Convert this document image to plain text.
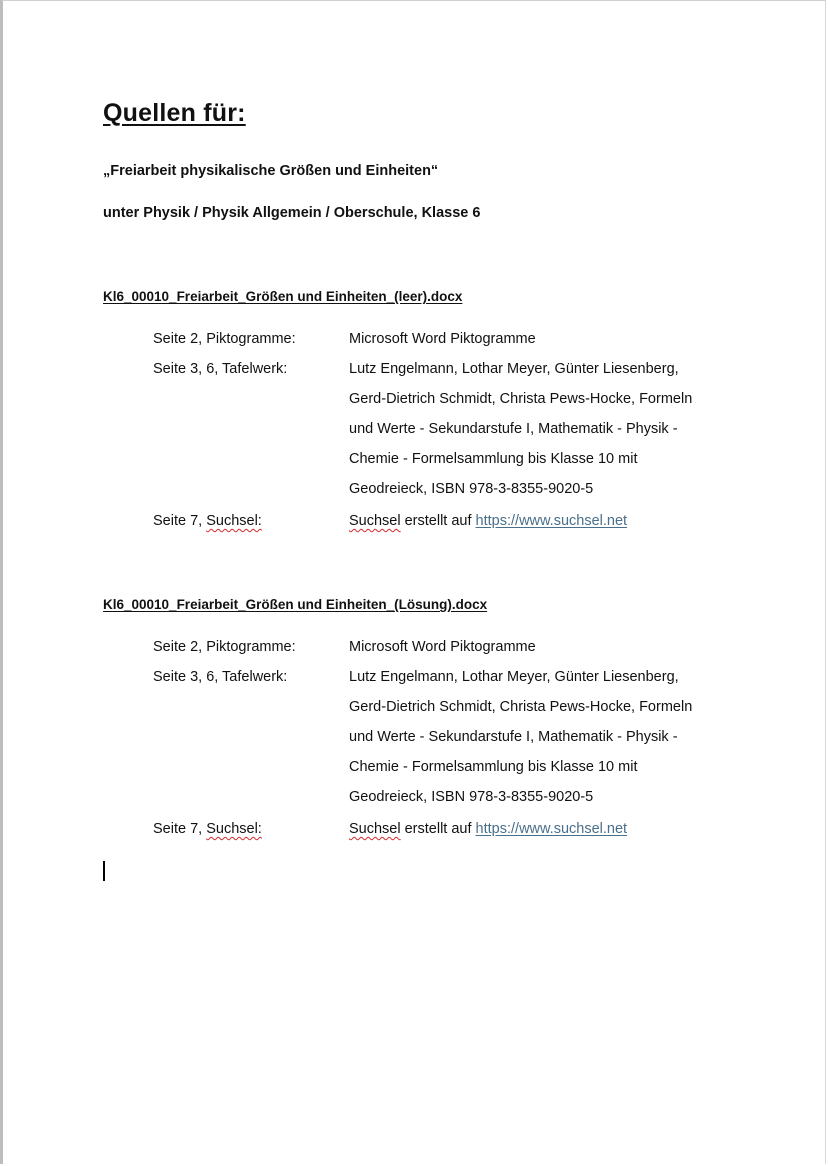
Quellen für:
„Freiarbeit physikalische Größen und Einheiten“
unter Physik / Physik Allgemein / Oberschule, Klasse 6
Kl6_00010_Freiarbeit_Größen und Einheiten_(leer).docx
Seite 2, Piktogramme:	Microsoft Word Piktogramme
Seite 3, 6, Tafelwerk:	Lutz Engelmann, Lothar Meyer, Günter Liesenberg,
Gerd-Dietrich Schmidt, Christa Pews-Hocke, Formeln
und Werte - Sekundarstufe I, Mathematik - Physik -
Chemie - Formelsammlung bis Klasse 10 mit
Geodreieck, ISBN 978-3-8355-9020-5
Seite 7, Suchsel:	Suchsel erstellt auf https://www.suchsel.net
Kl6_00010_Freiarbeit_Größen und Einheiten_(Lösung).docx
Seite 2, Piktogramme:	Microsoft Word Piktogramme
Seite 3, 6, Tafelwerk:	Lutz Engelmann, Lothar Meyer, Günter Liesenberg,
Gerd-Dietrich Schmidt, Christa Pews-Hocke, Formeln
und Werte - Sekundarstufe I, Mathematik - Physik -
Chemie - Formelsammlung bis Klasse 10 mit
Geodreieck, ISBN 978-3-8355-9020-5
Seite 7, Suchsel:	Suchsel erstellt auf https://www.suchsel.net
